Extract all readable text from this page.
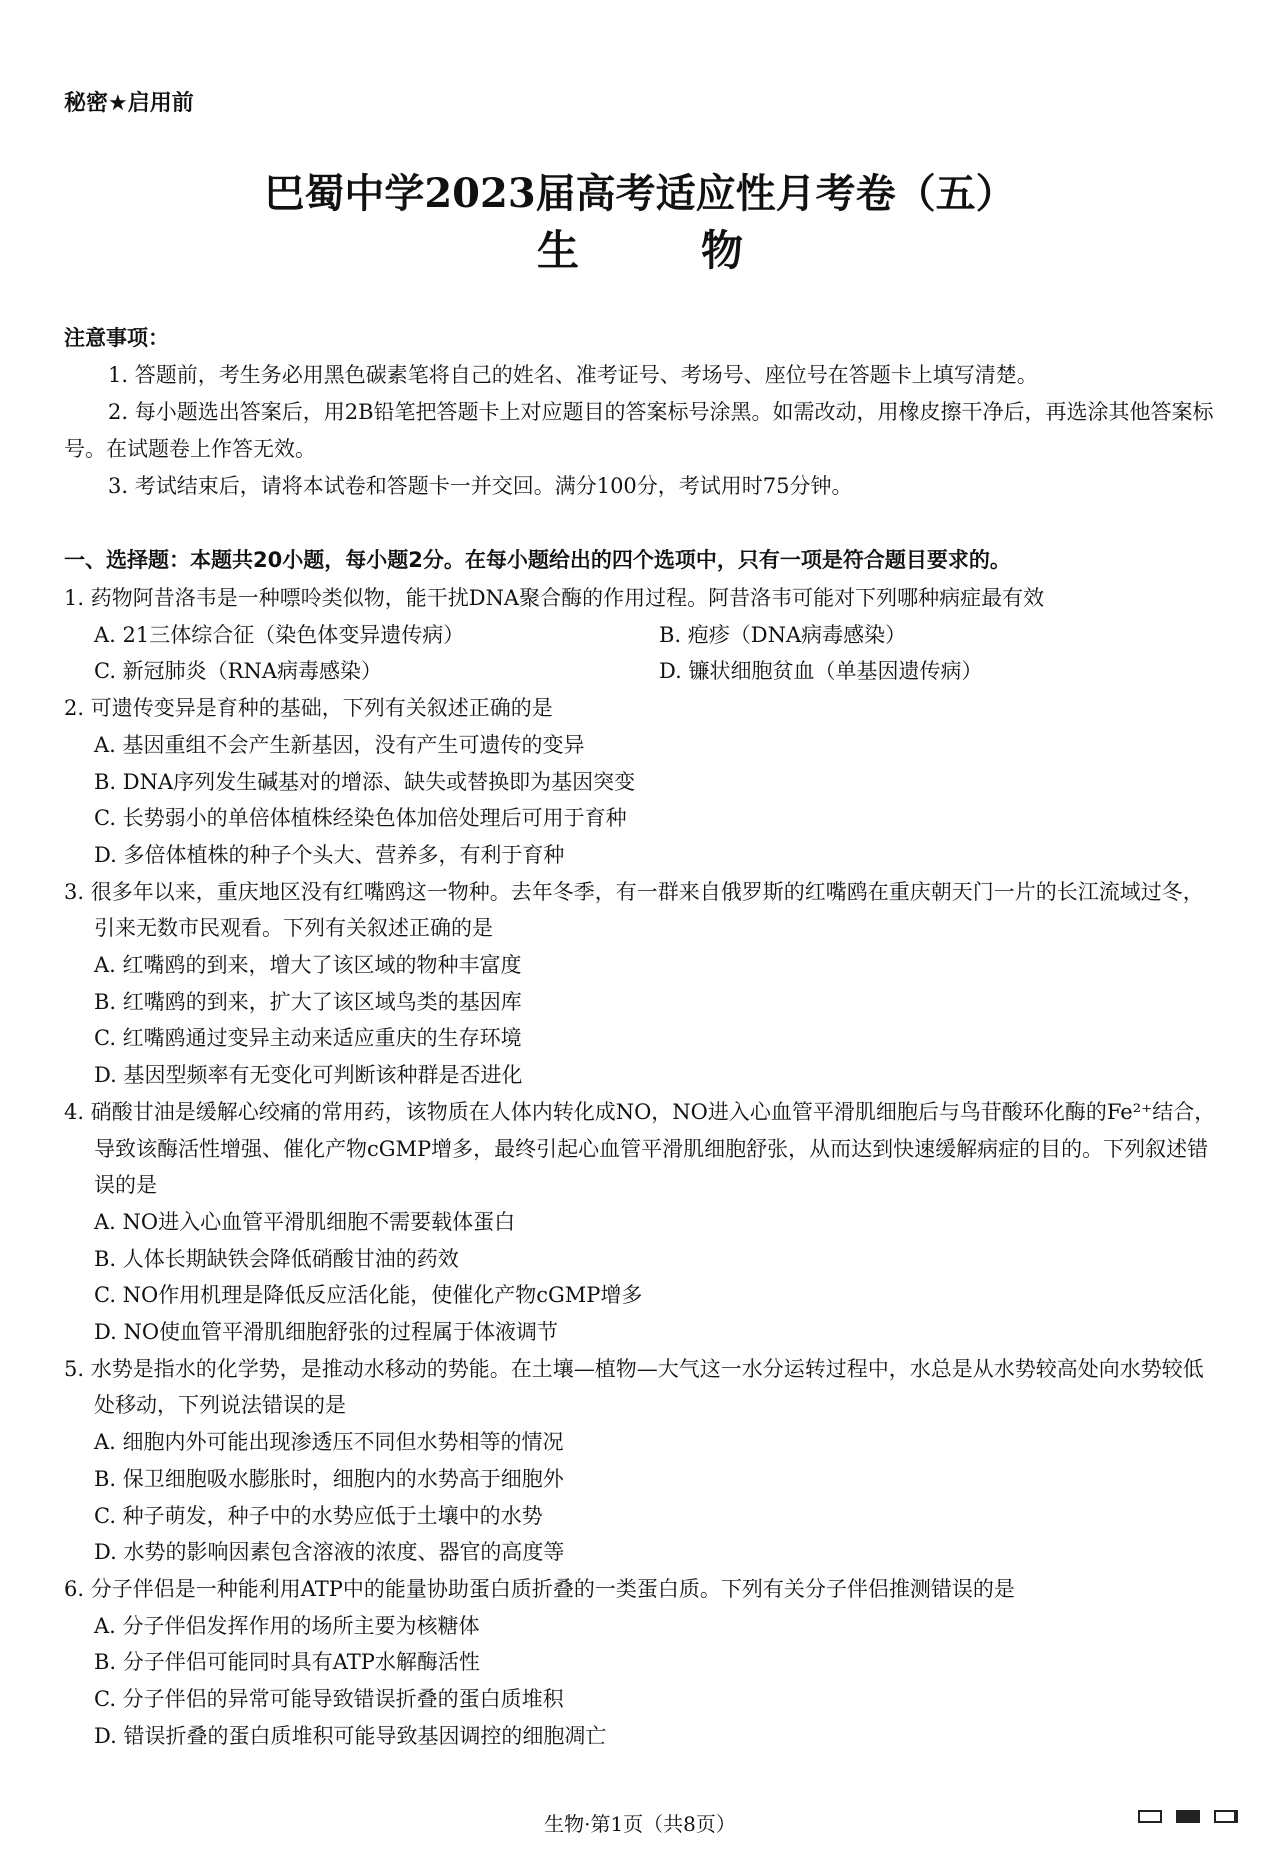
秘密★启用前
巴蜀中学2023届高考适应性月考卷（五）
生　物
注意事项：

1. 答题前，考生务必用黑色碳素笔将自己的姓名、准考证号、考场号、座位号在答题卡上填写清楚。

2. 每小题选出答案后，用2B铅笔把答题卡上对应题目的答案标号涂黑。如需改动，用橡皮擦干净后，再选涂其他答案标号。在试题卷上作答无效。

3. 考试结束后，请将本试卷和答题卡一并交回。满分100分，考试用时75分钟。

一、选择题：本题共20小题，每小题2分。在每小题给出的四个选项中，只有一项是符合题目要求的。
1. 药物阿昔洛韦是一种嘌呤类似物，能干扰DNA聚合酶的作用过程。阿昔洛韦可能对下列哪种病症最有效
A. 21三体综合征（染色体变异遗传病）	B. 疱疹（DNA病毒感染）
C. 新冠肺炎（RNA病毒感染）	D. 镰状细胞贫血（单基因遗传病）
2. 可遗传变异是育种的基础，下列有关叙述正确的是
A. 基因重组不会产生新基因，没有产生可遗传的变异
B. DNA序列发生碱基对的增添、缺失或替换即为基因突变
C. 长势弱小的单倍体植株经染色体加倍处理后可用于育种
D. 多倍体植株的种子个头大、营养多，有利于育种
3. 很多年以来，重庆地区没有红嘴鸥这一物种。去年冬季，有一群来自俄罗斯的红嘴鸥在重庆朝天门一片的长江流域过冬，引来无数市民观看。下列有关叙述正确的是
A. 红嘴鸥的到来，增大了该区域的物种丰富度
B. 红嘴鸥的到来，扩大了该区域鸟类的基因库
C. 红嘴鸥通过变异主动来适应重庆的生存环境
D. 基因型频率有无变化可判断该种群是否进化
4. 硝酸甘油是缓解心绞痛的常用药，该物质在人体内转化成NO，NO进入心血管平滑肌细胞后与鸟苷酸环化酶的Fe²⁺结合，导致该酶活性增强、催化产物cGMP增多，最终引起心血管平滑肌细胞舒张，从而达到快速缓解病症的目的。下列叙述错误的是
A. NO进入心血管平滑肌细胞不需要载体蛋白
B. 人体长期缺铁会降低硝酸甘油的药效
C. NO作用机理是降低反应活化能，使催化产物cGMP增多
D. NO使血管平滑肌细胞舒张的过程属于体液调节
5. 水势是指水的化学势，是推动水移动的势能。在土壤—植物—大气这一水分运转过程中，水总是从水势较高处向水势较低处移动，下列说法错误的是
A. 细胞内外可能出现渗透压不同但水势相等的情况
B. 保卫细胞吸水膨胀时，细胞内的水势高于细胞外
C. 种子萌发，种子中的水势应低于土壤中的水势
D. 水势的影响因素包含溶液的浓度、器官的高度等
6. 分子伴侣是一种能利用ATP中的能量协助蛋白质折叠的一类蛋白质。下列有关分子伴侣推测错误的是
A. 分子伴侣发挥作用的场所主要为核糖体
B. 分子伴侣可能同时具有ATP水解酶活性
C. 分子伴侣的异常可能导致错误折叠的蛋白质堆积
D. 错误折叠的蛋白质堆积可能导致基因调控的细胞凋亡
生物·第1页（共8页）
